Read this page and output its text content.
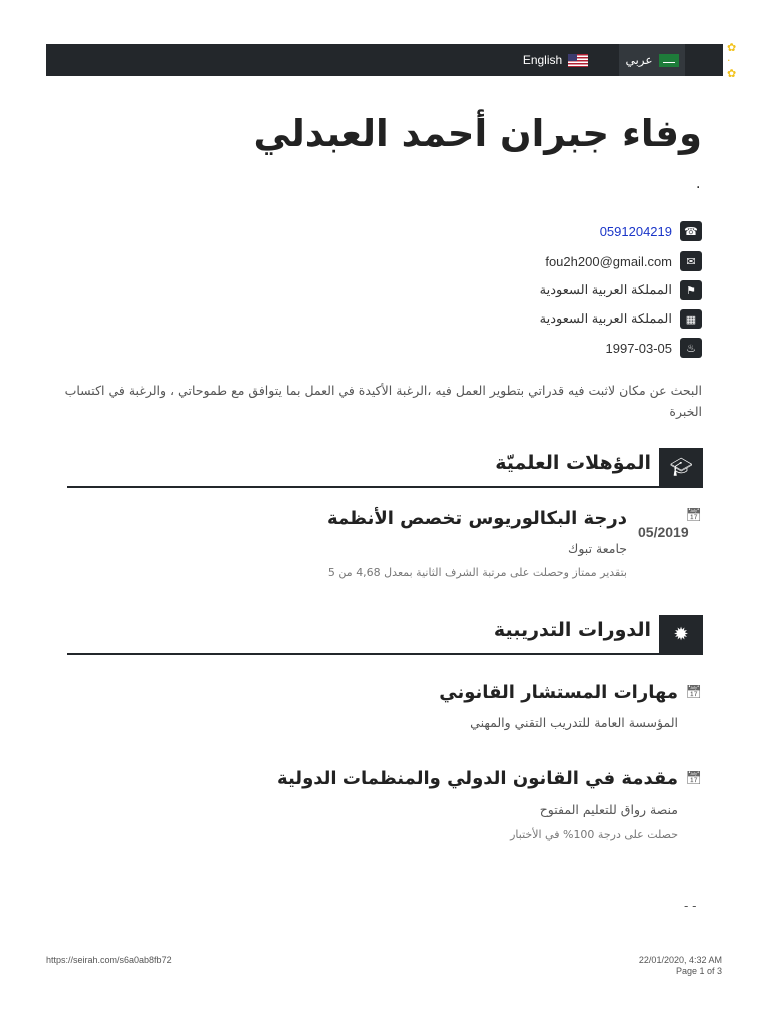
English	عربي
✿ · ✿
وفاء جبران أحمد العبدلي
.
☎
0591204219
✉
fou2h200@gmail.com
⚑
المملكة العربية السعودية
▦
المملكة العربية السعودية
♨
1997-03-05
البحث عن مكان لاثبت فيه قدراتي بتطوير العمل فيه ،الرغبة الأكيدة في العمل بما يتوافق مع طموحاتي ، والرغبة في اكتساب الخبرة
🎓︎
المؤهلات العلميّة
📅︎
05/2019
درجة البكالوريوس تخصص الأنظمة
جامعة تبوك
بتقدير ممتاز وحصلت على مرتبة الشرف الثانية بمعدل 4,68 من 5
✹
الدورات التدريبية
📅︎
مهارات المستشار القانوني
المؤسسة العامة للتدريب التقني والمهني
📅︎
مقدمة في القانون الدولي والمنظمات الدولية
منصة رواق للتعليم المفتوح
حصلت على درجة 100% في الأختبار
- -
https://seirah.com/s6a0ab8fb72	22/01/2020, 4:32 AM
Page 1 of 3
